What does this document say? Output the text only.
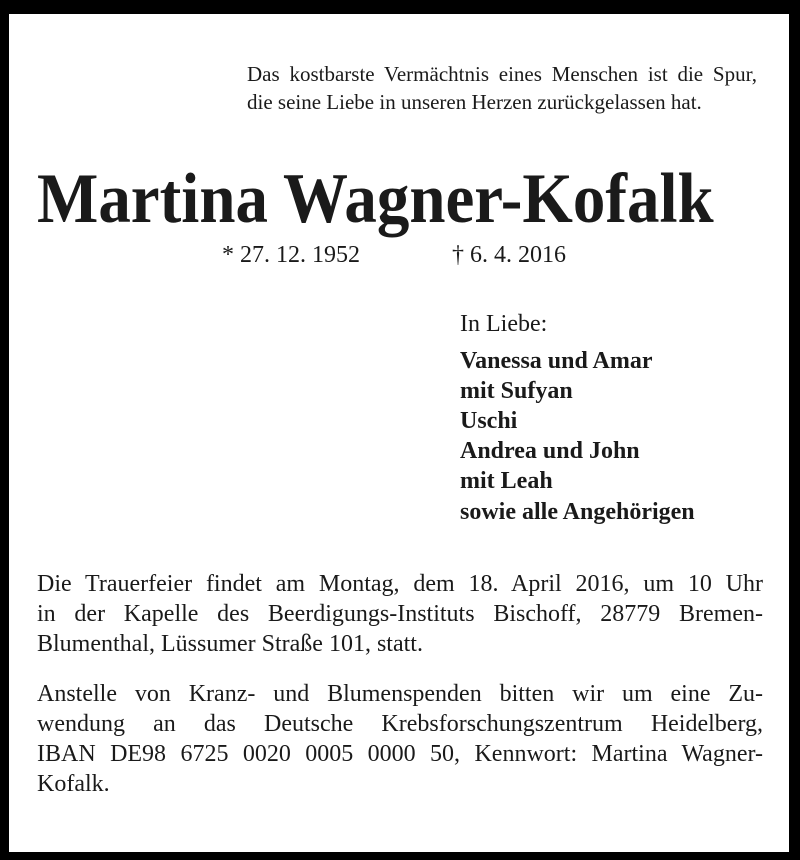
Das kostbarste Vermächtnis eines Menschen ist die Spur,
die seine Liebe in unseren Herzen zurückgelassen hat.
Martina Wagner-Kofalk
* 27. 12. 1952	† 6. 4. 2016
In Liebe:
Vanessa und Amar
mit Sufyan
Uschi
Andrea und John
mit Leah
sowie alle Angehörigen
Die Trauerfeier findet am Montag, dem 18. April 2016, um 10 Uhr
in der Kapelle des Beerdigungs-Instituts Bischoff, 28779 Bremen-
Blumenthal, Lüssumer Straße 101, statt.
Anstelle von Kranz- und Blumenspenden bitten wir um eine Zu-
wendung an das Deutsche Krebsforschungszentrum Heidelberg,
IBAN DE98 6725 0020 0005 0000 50, Kennwort: Martina Wagner-
Kofalk.
